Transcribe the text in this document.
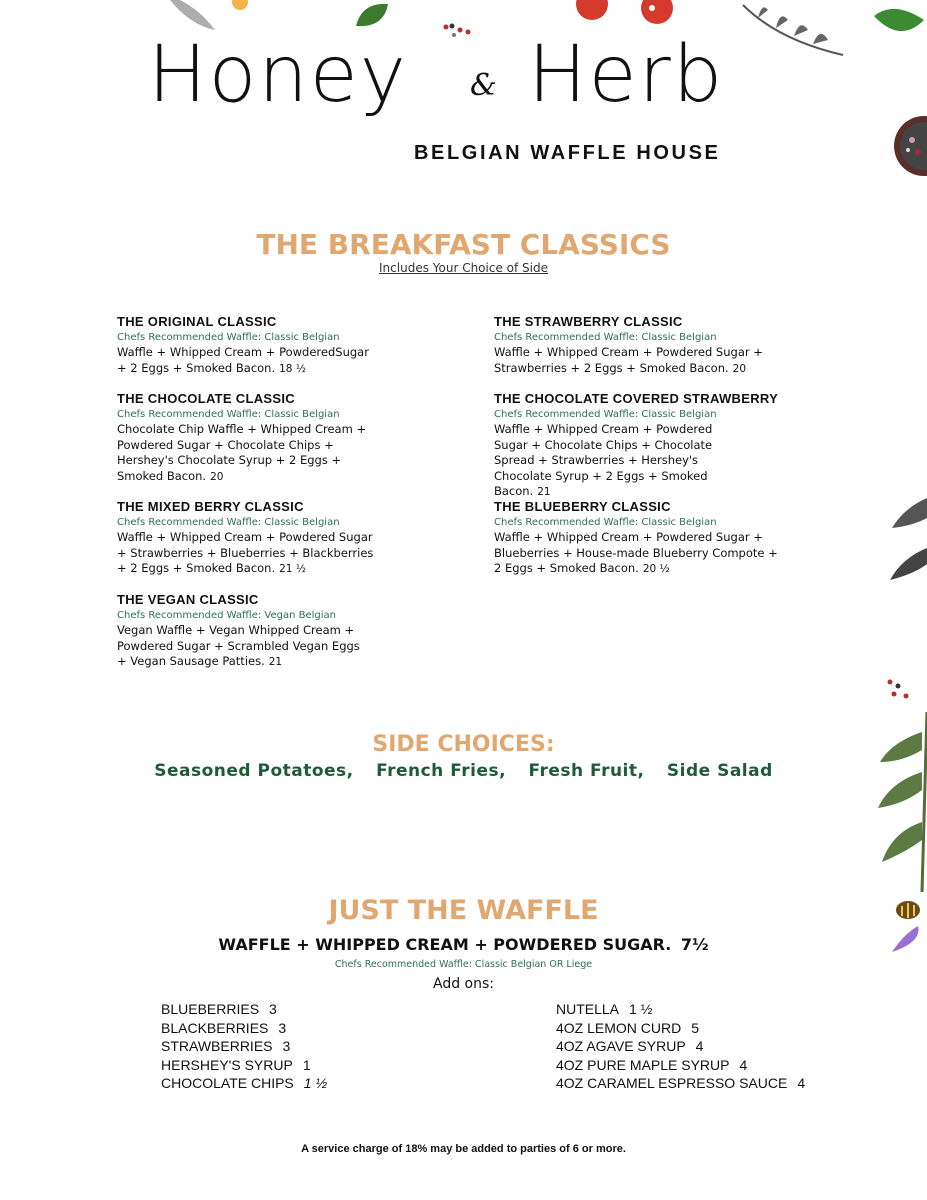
Honey & Herb
BELGIAN WAFFLE HOUSE
THE BREAKFAST CLASSICS
Includes Your Choice of Side
THE ORIGINAL CLASSIC
Chefs Recommended Waffle: Classic Belgian
Waffle + Whipped Cream + PowderedSugar + 2 Eggs + Smoked Bacon. 18 ½
THE STRAWBERRY CLASSIC
Chefs Recommended Waffle: Classic Belgian
Waffle + Whipped Cream + Powdered Sugar + Strawberries + 2 Eggs + Smoked Bacon. 20
THE CHOCOLATE CLASSIC
Chefs Recommended Waffle: Classic Belgian
Chocolate Chip Waffle + Whipped Cream + Powdered Sugar + Chocolate Chips + Hershey's Chocolate Syrup + 2 Eggs + Smoked Bacon. 20
THE CHOCOLATE COVERED STRAWBERRY
Chefs Recommended Waffle: Classic Belgian
Waffle + Whipped Cream + Powdered Sugar + Chocolate Chips + Chocolate Spread + Strawberries + Hershey's Chocolate Syrup + 2 Eggs + Smoked Bacon. 21
THE MIXED BERRY CLASSIC
Chefs Recommended Waffle: Classic Belgian
Waffle + Whipped Cream + Powdered Sugar + Strawberries + Blueberries + Blackberries + 2 Eggs + Smoked Bacon. 21 ½
THE BLUEBERRY CLASSIC
Chefs Recommended Waffle: Classic Belgian
Waffle + Whipped Cream + Powdered Sugar + Blueberries + House-made Blueberry Compote + 2 Eggs + Smoked Bacon. 20 ½
THE VEGAN CLASSIC
Chefs Recommended Waffle: Vegan Belgian
Vegan Waffle + Vegan Whipped Cream + Powdered Sugar + Scrambled Vegan Eggs + Vegan Sausage Patties. 21
SIDE CHOICES:
Seasoned Potatoes, French Fries, Fresh Fruit, Side Salad
JUST THE WAFFLE
WAFFLE + WHIPPED CREAM + POWDERED SUGAR. 7½
Chefs Recommended Waffle: Classic Belgian OR Liege
Add ons:
BLUEBERRIES 3
BLACKBERRIES 3
STRAWBERRIES 3
HERSHEY'S SYRUP 1
CHOCOLATE CHIPS 1 ½
NUTELLA 1 ½
4OZ LEMON CURD 5
4OZ AGAVE SYRUP 4
4OZ PURE MAPLE SYRUP 4
4OZ CARAMEL ESPRESSO SAUCE 4
A service charge of 18% may be added to parties of 6 or more.
